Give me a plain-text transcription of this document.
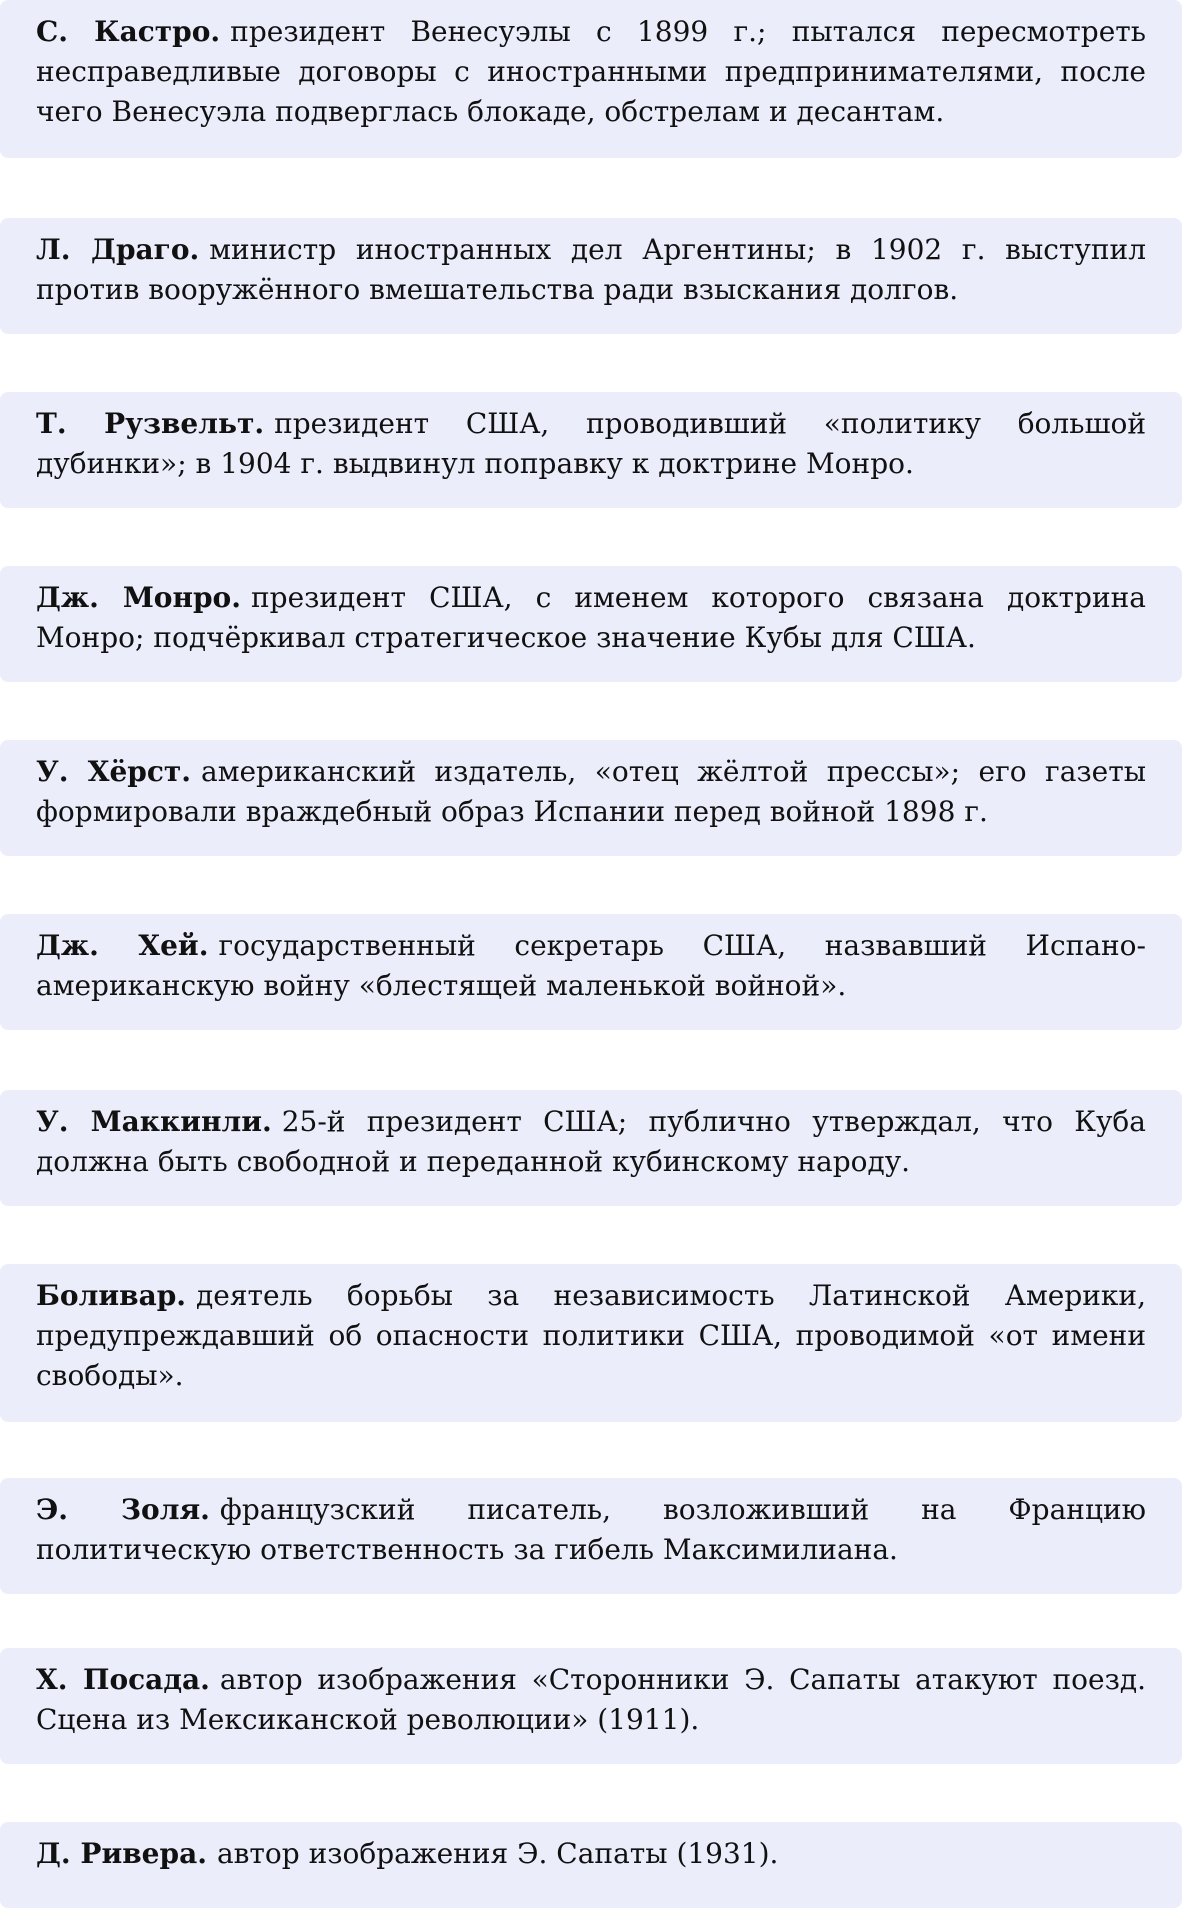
С. Кастро. президент Венесуэлы с 1899 г.; пытался пересмотреть несправедливые договоры с иностранными предпринимателями, после чего Венесуэла подверглась блокаде, обстрелам и десантам.

Л. Драго. министр иностранных дел Аргентины; в 1902 г. выступил против вооружённого вмешательства ради взыскания долгов.

Т. Рузвельт. президент США, проводивший «политику большой дубинки»; в 1904 г. выдвинул поправку к доктрине Монро.

Дж. Монро. президент США, с именем которого связана доктрина Монро; подчёркивал стратегическое значение Кубы для США.

У. Хёрст. американский издатель, «отец жёлтой прессы»; его газеты формировали враждебный образ Испании перед войной 1898 г.

Дж. Хей. государственный секретарь США, назвавший Испано-американскую войну «блестящей маленькой войной».

У. Маккинли. 25-й президент США; публично утверждал, что Куба должна быть свободной и переданной кубинскому народу.

Боливар. деятель борьбы за независимость Латинской Америки, предупреждавший об опасности политики США, проводимой «от имени свободы».

Э. Золя. французский писатель, возложивший на Францию политическую ответственность за гибель Максимилиана.

Х. Посада. автор изображения «Сторонники Э. Сапаты атакуют поезд. Сцена из Мексиканской революции» (1911).

Д. Ривера. автор изображения Э. Сапаты (1931).
